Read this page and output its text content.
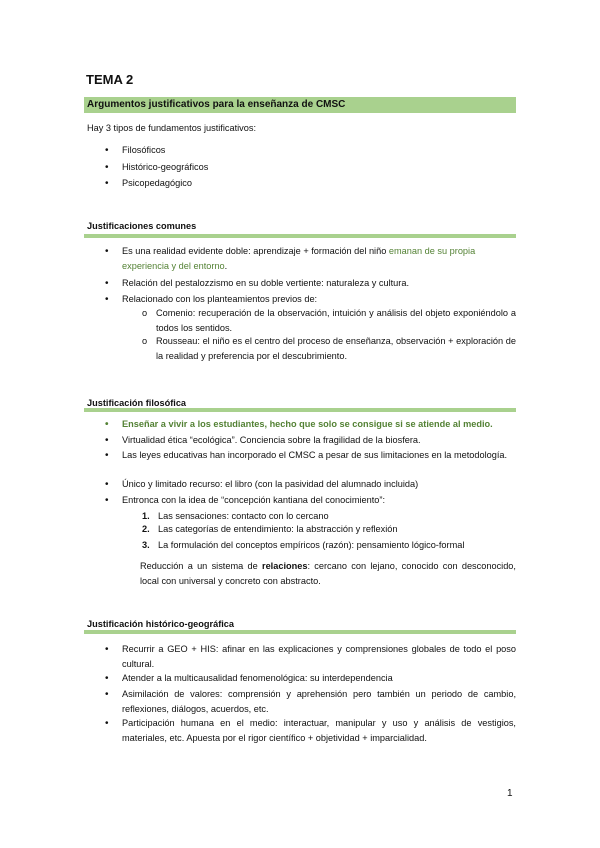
TEMA 2
Argumentos justificativos para la enseñanza de CMSC
Hay 3 tipos de fundamentos justificativos:
• Filosóficos
• Histórico-geográficos
• Psicopedagógico
Justificaciones comunes
• Es una realidad evidente doble: aprendizaje + formación del niño emanan de su propia
experiencia y del entorno.
• Relación del pestalozzismo en su doble vertiente: naturaleza y cultura.
• Relacionado con los planteamientos previos de:
o Comenio: recuperación de la observación, intuición y análisis del objeto exponiéndolo a todos los sentidos.
o Rousseau: el niño es el centro del proceso de enseñanza, observación + exploración de la realidad y preferencia por el descubrimiento.
Justificación filosófica
• Enseñar a vivir a los estudiantes, hecho que solo se consigue si se atiende al medio.
• Virtualidad ética “ecológica”. Conciencia sobre la fragilidad de la biosfera.
• Las leyes educativas han incorporado el CMSC a pesar de sus limitaciones en la metodología.
• Único y limitado recurso: el libro (con la pasividad del alumnado incluida)
• Entronca con la idea de “concepción kantiana del conocimiento”:
1. Las sensaciones: contacto con lo cercano
2. Las categorías de entendimiento: la abstracción y reflexión
3. La formulación del conceptos empíricos (razón): pensamiento lógico-formal
Reducción a un sistema de relaciones: cercano con lejano, conocido con desconocido, local con universal y concreto con abstracto.
Justificación histórico-geográfica
• Recurrir a GEO + HIS: afinar en las explicaciones y comprensiones globales de todo el poso cultural.
• Atender a la multicausalidad fenomenológica: su interdependencia
• Asimilación de valores: comprensión y aprehensión pero también un periodo de cambio, reflexiones, diálogos, acuerdos, etc.
• Participación humana en el medio: interactuar, manipular y uso y análisis de vestigios, materiales, etc. Apuesta por el rigor científico + objetividad + imparcialidad.
1
